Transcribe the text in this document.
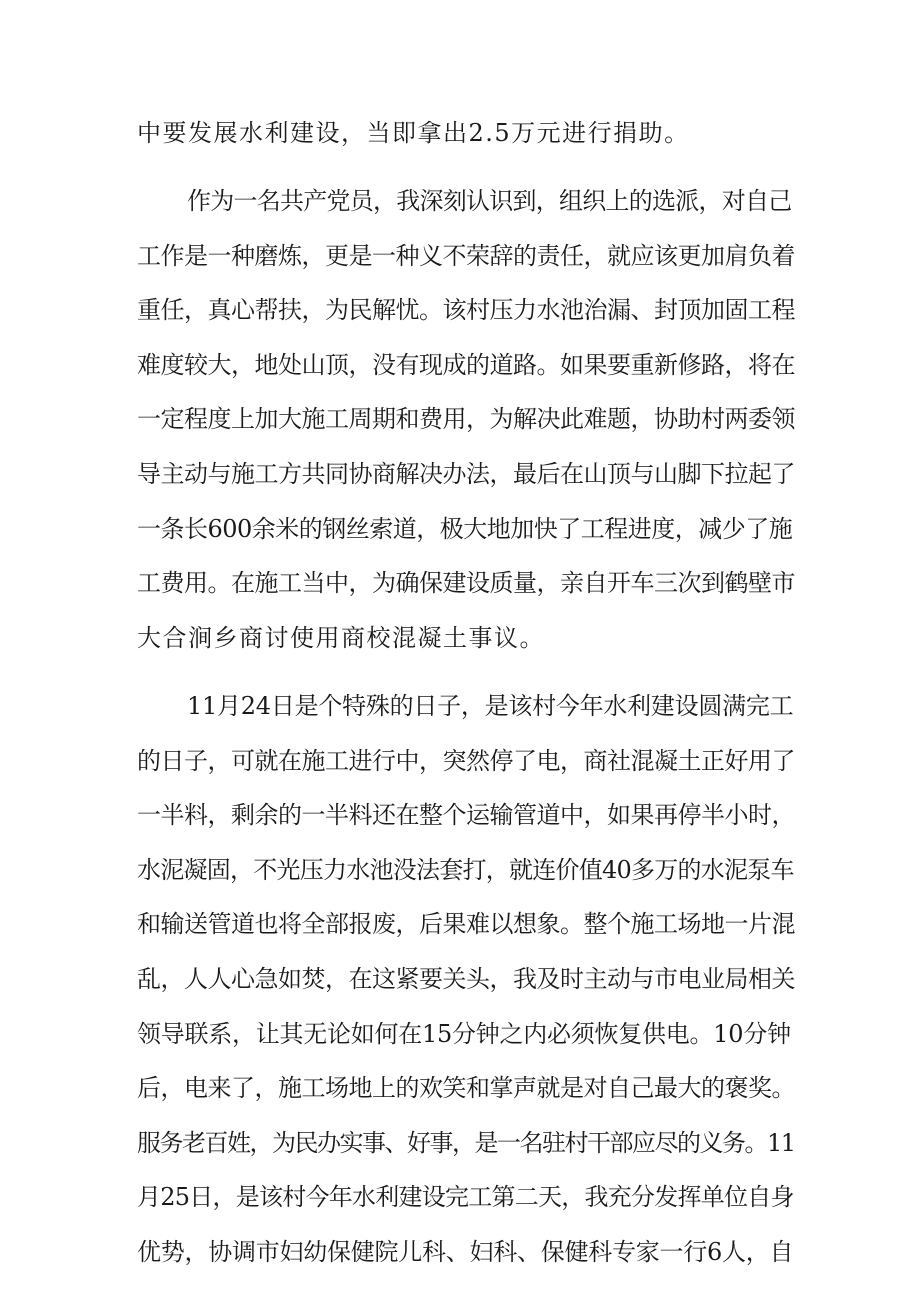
中要发展水利建设，当即拿出2.5万元进行捐助。
作为一名共产党员，我深刻认识到，组织上的选派，对自己
工作是一种磨炼，更是一种义不荣辞的责任，就应该更加肩负着
重任，真心帮扶，为民解忧。该村压力水池治漏、封顶加固工程
难度较大，地处山顶，没有现成的道路。如果要重新修路，将在
一定程度上加大施工周期和费用，为解决此难题，协助村两委领
导主动与施工方共同协商解决办法，最后在山顶与山脚下拉起了
一条长600余米的钢丝索道，极大地加快了工程进度，减少了施
工费用。在施工当中，为确保建设质量，亲自开车三次到鹤壁市
大合涧乡商讨使用商校混凝土事议。
11月24日是个特殊的日子，是该村今年水利建设圆满完工
的日子，可就在施工进行中，突然停了电，商社混凝土正好用了
一半料，剩余的一半料还在整个运输管道中，如果再停半小时，
水泥凝固，不光压力水池没法套打，就连价值40多万的水泥泵车
和输送管道也将全部报废，后果难以想象。整个施工场地一片混
乱，人人心急如焚，在这紧要关头，我及时主动与市电业局相关
领导联系，让其无论如何在15分钟之内必须恢复供电。10分钟
后，电来了，施工场地上的欢笑和掌声就是对自己最大的褒奖。
服务老百姓，为民办实事、好事，是一名驻村干部应尽的义务。11
月25日，是该村今年水利建设完工第二天，我充分发挥单位自身
优势，协调市妇幼保健院儿科、妇科、保健科专家一行6人，自
